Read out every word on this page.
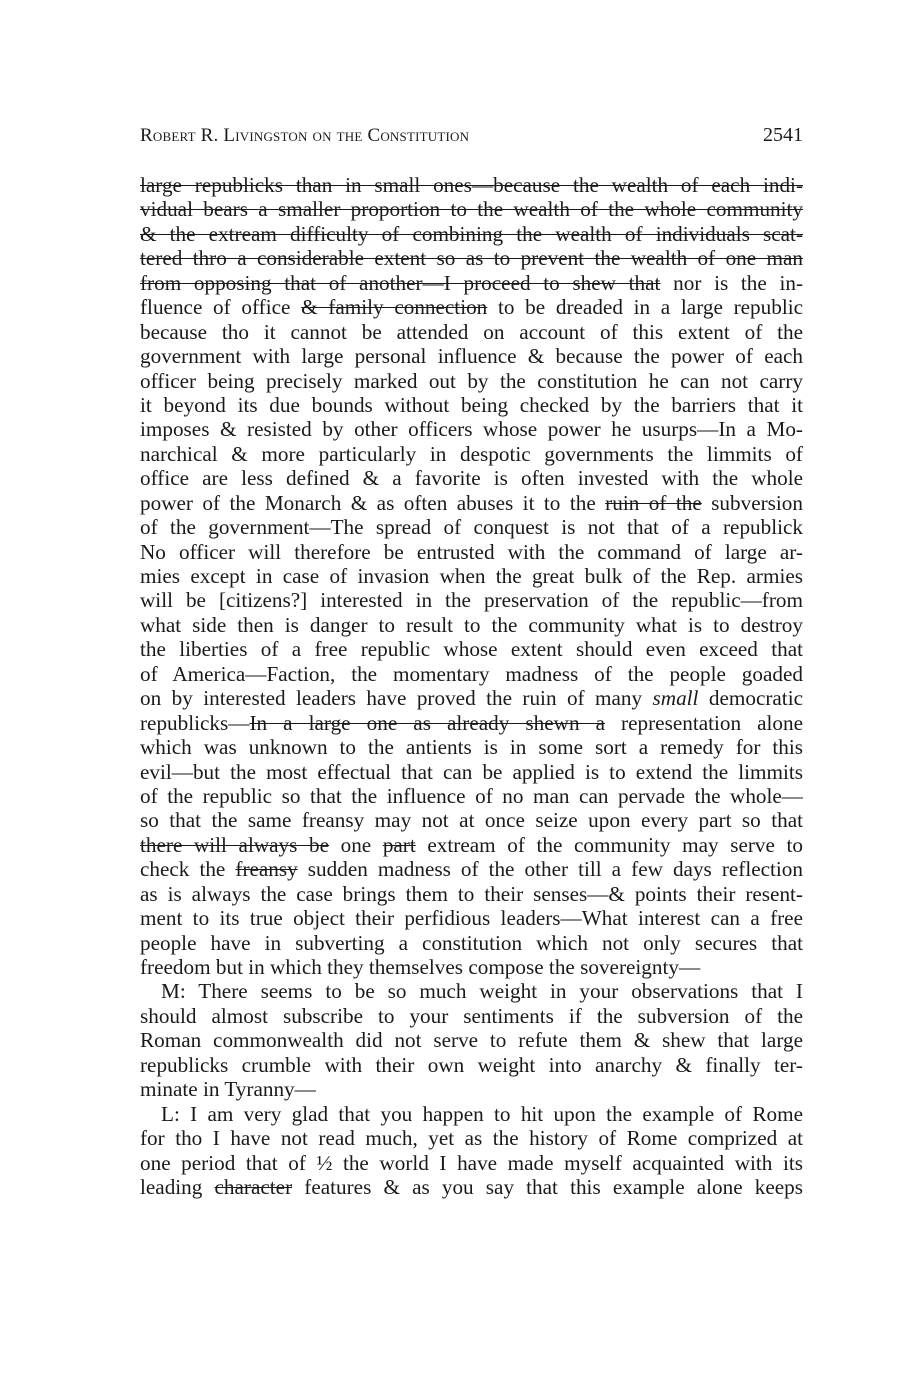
Robert R. Livingston on the Constitution	2541
large republicks than in small ones—because the wealth of each indi-
vidual bears a smaller proportion to the wealth of the whole community
& the extream difficulty of combining the wealth of individuals scat-
tered thro a considerable extent so as to prevent the wealth of one man
from opposing that of another—I proceed to shew that nor is the in-
fluence of office & family connection to be dreaded in a large republic
because tho it cannot be attended on account of this extent of the
government with large personal influence & because the power of each
officer being precisely marked out by the constitution he can not carry
it beyond its due bounds without being checked by the barriers that it
imposes & resisted by other officers whose power he usurps—In a Mo-
narchical & more particularly in despotic governments the limmits of
office are less defined & a favorite is often invested with the whole
power of the Monarch & as often abuses it to the ruin of the subversion
of the government—The spread of conquest is not that of a republick
No officer will therefore be entrusted with the command of large ar-
mies except in case of invasion when the great bulk of the Rep. armies
will be [citizens?] interested in the preservation of the republic—from
what side then is danger to result to the community what is to destroy
the liberties of a free republic whose extent should even exceed that
of America—Faction, the momentary madness of the people goaded
on by interested leaders have proved the ruin of many small democratic
republicks—In a large one as already shewn a representation alone
which was unknown to the antients is in some sort a remedy for this
evil—but the most effectual that can be applied is to extend the limmits
of the republic so that the influence of no man can pervade the whole—
so that the same freansy may not at once seize upon every part so that
there will always be one part extream of the community may serve to
check the freansy sudden madness of the other till a few days reflection
as is always the case brings them to their senses—& points their resent-
ment to its true object their perfidious leaders—What interest can a free
people have in subverting a constitution which not only secures that
freedom but in which they themselves compose the sovereignty—
M: There seems to be so much weight in your observations that I
should almost subscribe to your sentiments if the subversion of the
Roman commonwealth did not serve to refute them & shew that large
republicks crumble with their own weight into anarchy & finally ter-
minate in Tyranny—
L: I am very glad that you happen to hit upon the example of Rome
for tho I have not read much, yet as the history of Rome comprized at
one period that of ½ the world I have made myself acquainted with its
leading character features & as you say that this example alone keeps
